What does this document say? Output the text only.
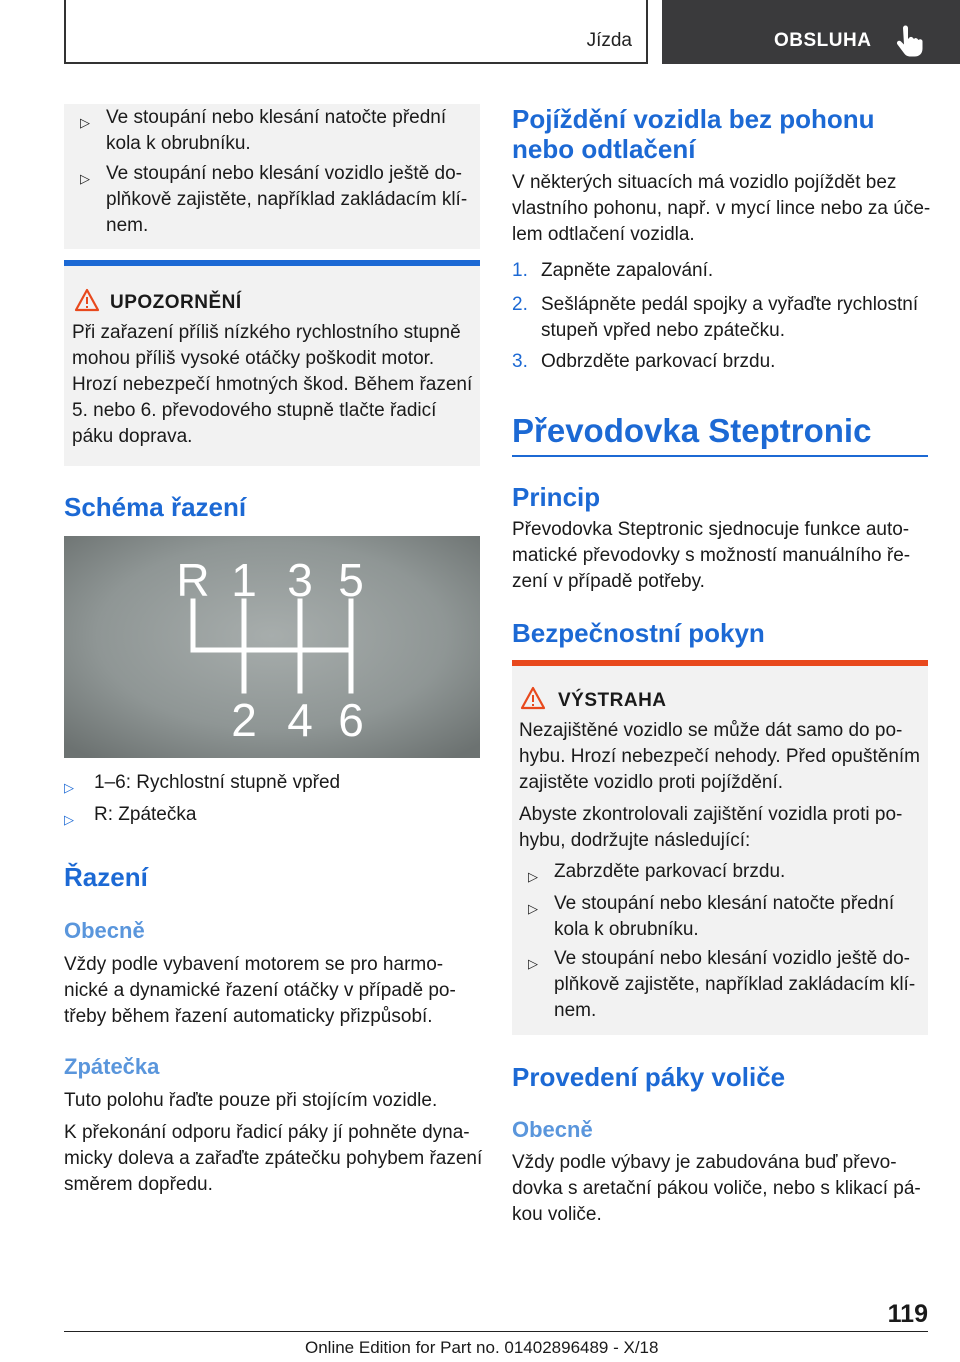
Jízda	OBSLUHA
▷ Ve stoupání nebo klesání natočte přední
kola k obrubníku.
▷ Ve stoupání nebo klesání vozidlo ještě do-
plňkově zajistěte, například zakládacím klí-
nem.
UPOZORNĚNÍ
Při zařazení příliš nízkého rychlostního stupně
mohou příliš vysoké otáčky poškodit motor.
Hrozí nebezpečí hmotných škod. Během řazení
5. nebo 6. převodového stupně tlačte řadicí
páku doprava.
Schéma řazení
R 1 3 5
2 4 6
▷ 1–6: Rychlostní stupně vpřed
▷ R: Zpátečka
Řazení
Obecně
Vždy podle vybavení motorem se pro harmo-
nické a dynamické řazení otáčky v případě po-
třeby během řazení automaticky přizpůsobí.
Zpátečka
Tuto polohu řaďte pouze při stojícím vozidle.
K překonání odporu řadicí páky jí pohněte dyna-
micky doleva a zařaďte zpátečku pohybem řazení
směrem dopředu.
Pojíždění vozidla bez pohonu
nebo odtlačení
V některých situacích má vozidlo pojíždět bez
vlastního pohonu, např. v mycí lince nebo za úče-
lem odtlačení vozidla.
1. Zapněte zapalování.
2. Sešlápněte pedál spojky a vyřaďte rychlostní
stupeň vpřed nebo zpátečku.
3. Odbrzděte parkovací brzdu.
Převodovka Steptronic
Princip
Převodovka Steptronic sjednocuje funkce auto-
matické převodovky s možností manuálního ře-
zení v případě potřeby.
Bezpečnostní pokyn
VÝSTRAHA
Nezajištěné vozidlo se může dát samo do po-
hybu. Hrozí nebezpečí nehody. Před opuštěním
zajistěte vozidlo proti pojíždění.
Abyste zkontrolovali zajištění vozidla proti po-
hybu, dodržujte následující:
▷ Zabrzděte parkovací brzdu.
▷ Ve stoupání nebo klesání natočte přední
kola k obrubníku.
▷ Ve stoupání nebo klesání vozidlo ještě do-
plňkově zajistěte, například zakládacím klí-
nem.
Provedení páky voliče
Obecně
Vždy podle výbavy je zabudována buď převo-
dovka s aretační pákou voliče, nebo s klikací pá-
kou voliče.
119
Online Edition for Part no. 01402896489 - X/18
